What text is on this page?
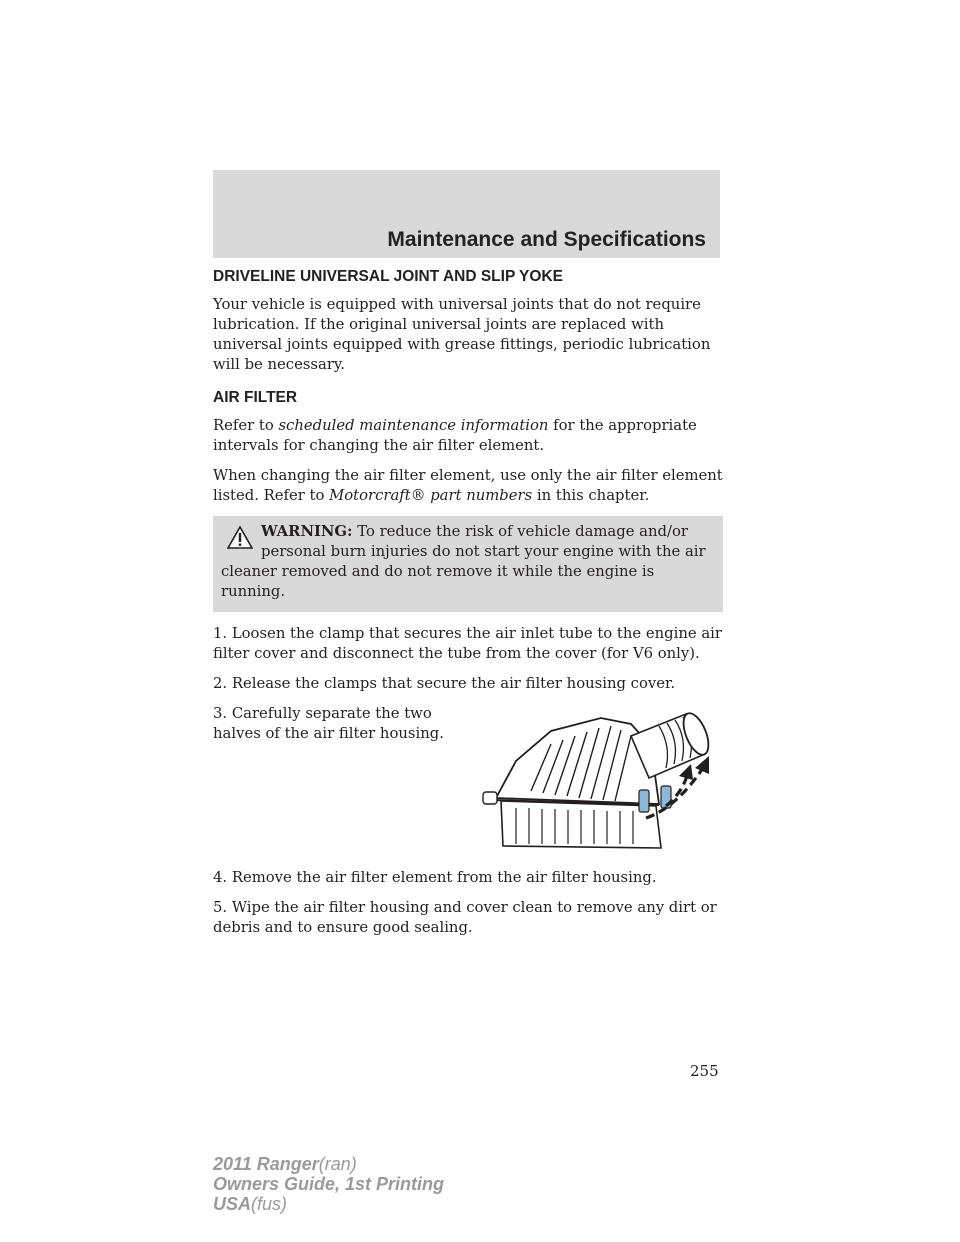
Maintenance and Specifications
DRIVELINE UNIVERSAL JOINT AND SLIP YOKE

Your vehicle is equipped with universal joints that do not require lubrication. If the original universal joints are replaced with universal joints equipped with grease fittings, periodic lubrication will be necessary.

AIR FILTER

Refer to scheduled maintenance information for the appropriate intervals for changing the air filter element.

When changing the air filter element, use only the air filter element listed. Refer to Motorcraft® part numbers in this chapter.

WARNING: To reduce the risk of vehicle damage and/or personal burn injuries do not start your engine with the air
cleaner removed and do not remove it while the engine is running.

1. Loosen the clamp that secures the air inlet tube to the engine air filter cover and disconnect the tube from the cover (for V6 only).

2. Release the clamps that secure the air filter housing cover.

3. Carefully separate the two halves of the air filter housing.

4. Remove the air filter element from the air filter housing.

5. Wipe the air filter housing and cover clean to remove any dirt or debris and to ensure good sealing.

255
2011 Ranger(ran)
Owners Guide, 1st Printing
USA(fus)
